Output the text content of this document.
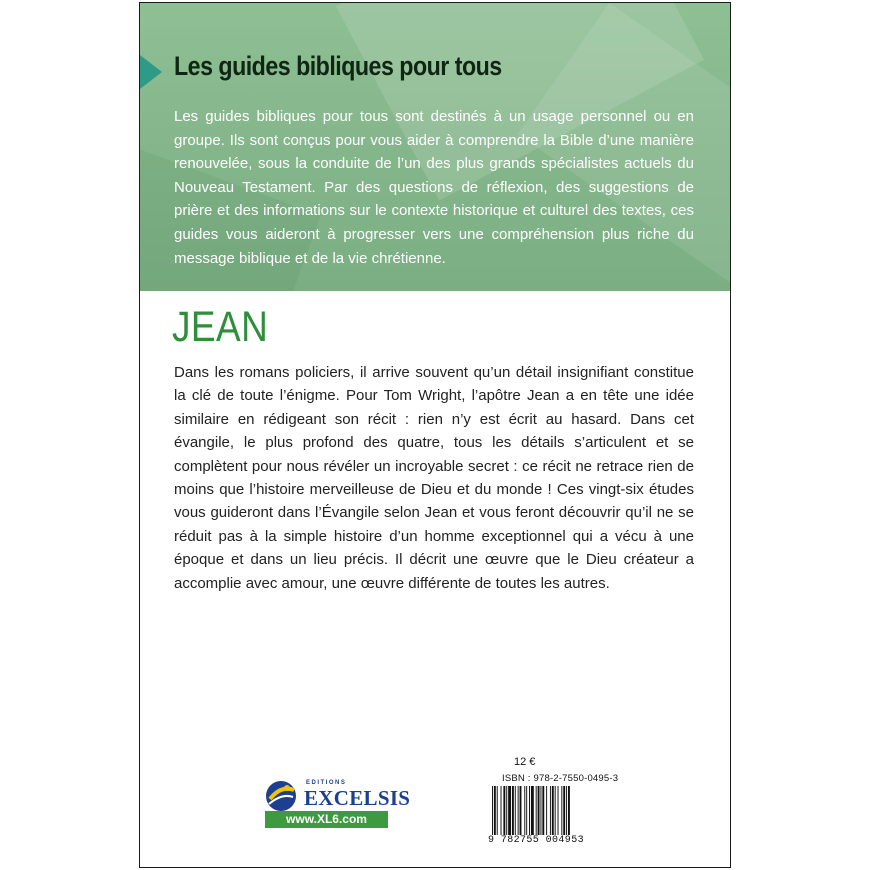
Les guides bibliques pour tous
Les guides bibliques pour tous sont destinés à un usage personnel ou en groupe. Ils sont conçus pour vous aider à comprendre la Bible d’une manière renouvelée, sous la conduite de l’un des plus grands spécialistes actuels du Nouveau Testament. Par des questions de réflexion, des suggestions de prière et des informations sur le contexte historique et culturel des textes, ces guides vous aideront à progresser vers une compréhension plus riche du message biblique et de la vie chrétienne.
JEAN
Dans les romans policiers, il arrive souvent qu’un détail insignifiant constitue la clé de toute l’énigme. Pour Tom Wright, l’apôtre Jean a en tête une idée similaire en rédigeant son récit : rien n’y est écrit au hasard. Dans cet évangile, le plus profond des quatre, tous les détails s’articulent et se complètent pour nous révéler un incroyable secret : ce récit ne retrace rien de moins que l’histoire merveilleuse de Dieu et du monde ! Ces vingt-six études vous guideront dans l’Évangile selon Jean et vous feront découvrir qu’il ne se réduit pas à la simple histoire d’un homme exceptionnel qui a vécu à une époque et dans un lieu précis. Il décrit une œuvre que le Dieu créateur a accomplie avec amour, une œuvre différente de toutes les autres.
EDITIONS
EXCELSIS
www.XL6.com
12 €
ISBN : 978-2-7550-0495-3
9 782755 004953
